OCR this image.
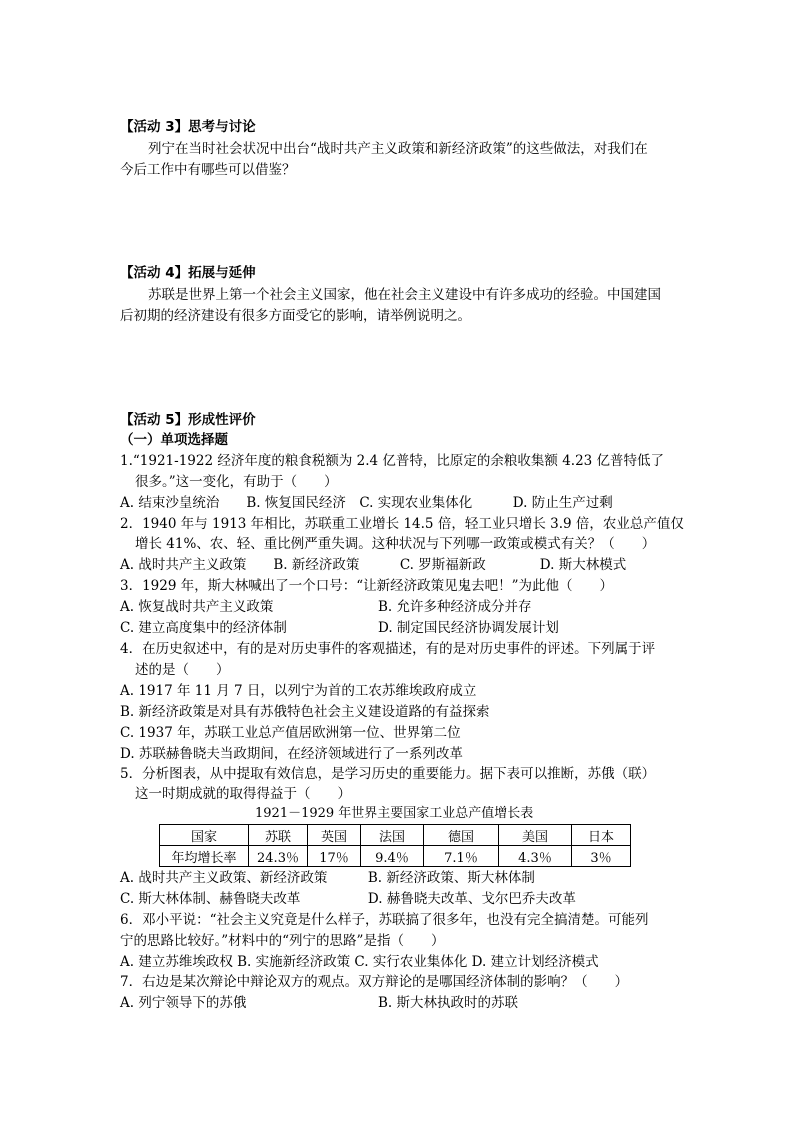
【活动 3】思考与讨论
列宁在当时社会状况中出台“战时共产主义政策和新经济政策”的这些做法，对我们在
今后工作中有哪些可以借鉴？
【活动 4】拓展与延伸
苏联是世界上第一个社会主义国家，他在社会主义建设中有许多成功的经验。中国建国
后初期的经济建设有很多方面受它的影响，请举例说明之。
【活动 5】形成性评价
（一）单项选择题
1.“1921-1922 经济年度的粮食税额为 2.4 亿普特，比原定的余粮收集额 4.23 亿普特低了
很多。”这一变化，有助于（　　）
A. 结束沙皇统治　　B. 恢复国民经济　C. 实现农业集体化　　　D. 防止生产过剩
2．1940 年与 1913 年相比，苏联重工业增长 14.5 倍，轻工业只增长 3.9 倍，农业总产值仅
增长 41%、农、轻、重比例严重失调。这种状况与下列哪一政策或模式有关？（　　）
A. 战时共产主义政策　　B. 新经济政策　　　C. 罗斯福新政　　　　D. 斯大林模式
3．1929 年，斯大林喊出了一个口号：“让新经济政策见鬼去吧！”为此他（　　）
A. 恢复战时共产主义政策	B. 允许多种经济成分并存
C. 建立高度集中的经济体制	D. 制定国民经济协调发展计划
4．在历史叙述中，有的是对历史事件的客观描述，有的是对历史事件的评述。下列属于评
述的是（　　）
A. 1917 年 11 月 7 日，以列宁为首的工农苏维埃政府成立
B. 新经济政策是对具有苏俄特色社会主义建设道路的有益探索
C. 1937 年，苏联工业总产值居欧洲第一位、世界第二位
D. 苏联赫鲁晓夫当政期间，在经济领域进行了一系列改革
5．分析图表，从中提取有效信息，是学习历史的重要能力。据下表可以推断，苏俄（联）
这一时期成就的取得得益于（　　）
1921－1929 年世界主要国家工业总产值增长表
国家	苏联	英国	法国	德国	美国	日本
年均增长率	24.3％	17％	9.4％	7.1％	4.3％	3％
A. 战时共产主义政策、新经济政策　　　B. 新经济政策、斯大林体制
C. 斯大林体制、赫鲁晓夫改革　　　　　D. 赫鲁晓夫改革、戈尔巴乔夫改革
6．邓小平说：“社会主义究竟是什么样子，苏联搞了很多年，也没有完全搞清楚。可能列
宁的思路比较好。”材料中的“列宁的思路”是指（　　）
A. 建立苏维埃政权 B. 实施新经济政策 C. 实行农业集体化 D. 建立计划经济模式
7．右边是某次辩论中辩论双方的观点。双方辩论的是哪国经济体制的影响？（　　）
A. 列宁领导下的苏俄	B. 斯大林执政时的苏联
